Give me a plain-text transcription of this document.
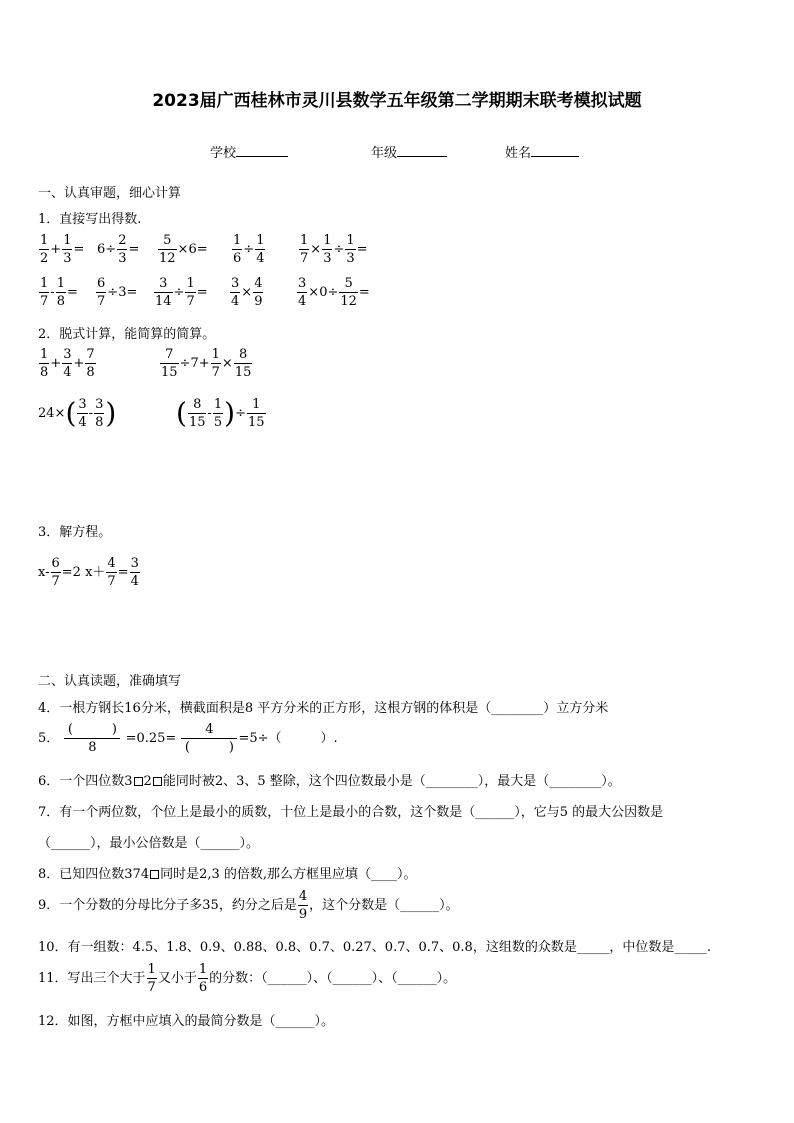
2023届广西桂林市灵川县数学五年级第二学期期末联考模拟试题
学校	年级	姓名
一、认真审题，细心计算
1．直接写出得数.
$\frac{1}{2} + \frac{1}{3} = 6\div \frac{2}{3} = \frac{5}{12} \times 6= \frac{1}{6} \div \frac{1}{4}$	$\frac{1}{7} \times \frac{1}{3} \div \frac{1}{3}$ =
$\frac{1}{7} - \frac{1}{8} = \frac{6}{7} \div 3= \frac{3}{14} \div \frac{1}{7} = \frac{3}{4} \times \frac{4}{9}$	$\frac{3}{4} \times 0\div \frac{5}{12}$ =
2．脱式计算，能简算的简算。
$\frac{1}{8} + \frac{3}{4} + \frac{7}{8}$	$\frac{7}{15} \div 7+ \frac{1}{7} \times \frac{8}{15}$
$24\times( \frac{3}{4} - \frac{3}{8}$ ) ( $\frac{8}{15} - \frac{1}{5}$ )÷ $\frac{1}{15}$
3．解方程。
$x- \frac{6}{7} =2$ $x+ \frac{4}{7} = \frac{3}{4}$
二、认真读题，准确填写
4．一根方钢长16分米，横截面积是8 平方分米的正方形，这根方钢的体积是（________）立方分米
5．
(　　　)
8
=0.25=
4
(　　　)
=5÷（　　　）.
6．一个四位数3 2 能同时被2、3、5 整除，这个四位数最小是（________），最大是（________）。
7．有一个两位数，个位上是最小的质数，十位上是最小的合数，这个数是（______），它与5 的最大公因数是
（______），最小公倍数是（______）。
8．已知四位数374 同时是2,3 的倍数,那么方框里应填（____）。
9．一个分数的分母比分子多35，约分之后是 $\frac{4}{9}$ ，这个分数是（______）。
10．有一组数：4.5、1.8、0.9、0.88、0.8、0.7、0.27、0.7、0.7、0.8，这组数的众数是_____，中位数是_____.
11．写出三个大于 $\frac{1}{7}$ 又小于 $\frac{1}{6}$ 的分数：（______）、（______）、（______）。
12．如图，方框中应填入的最简分数是（______）。
